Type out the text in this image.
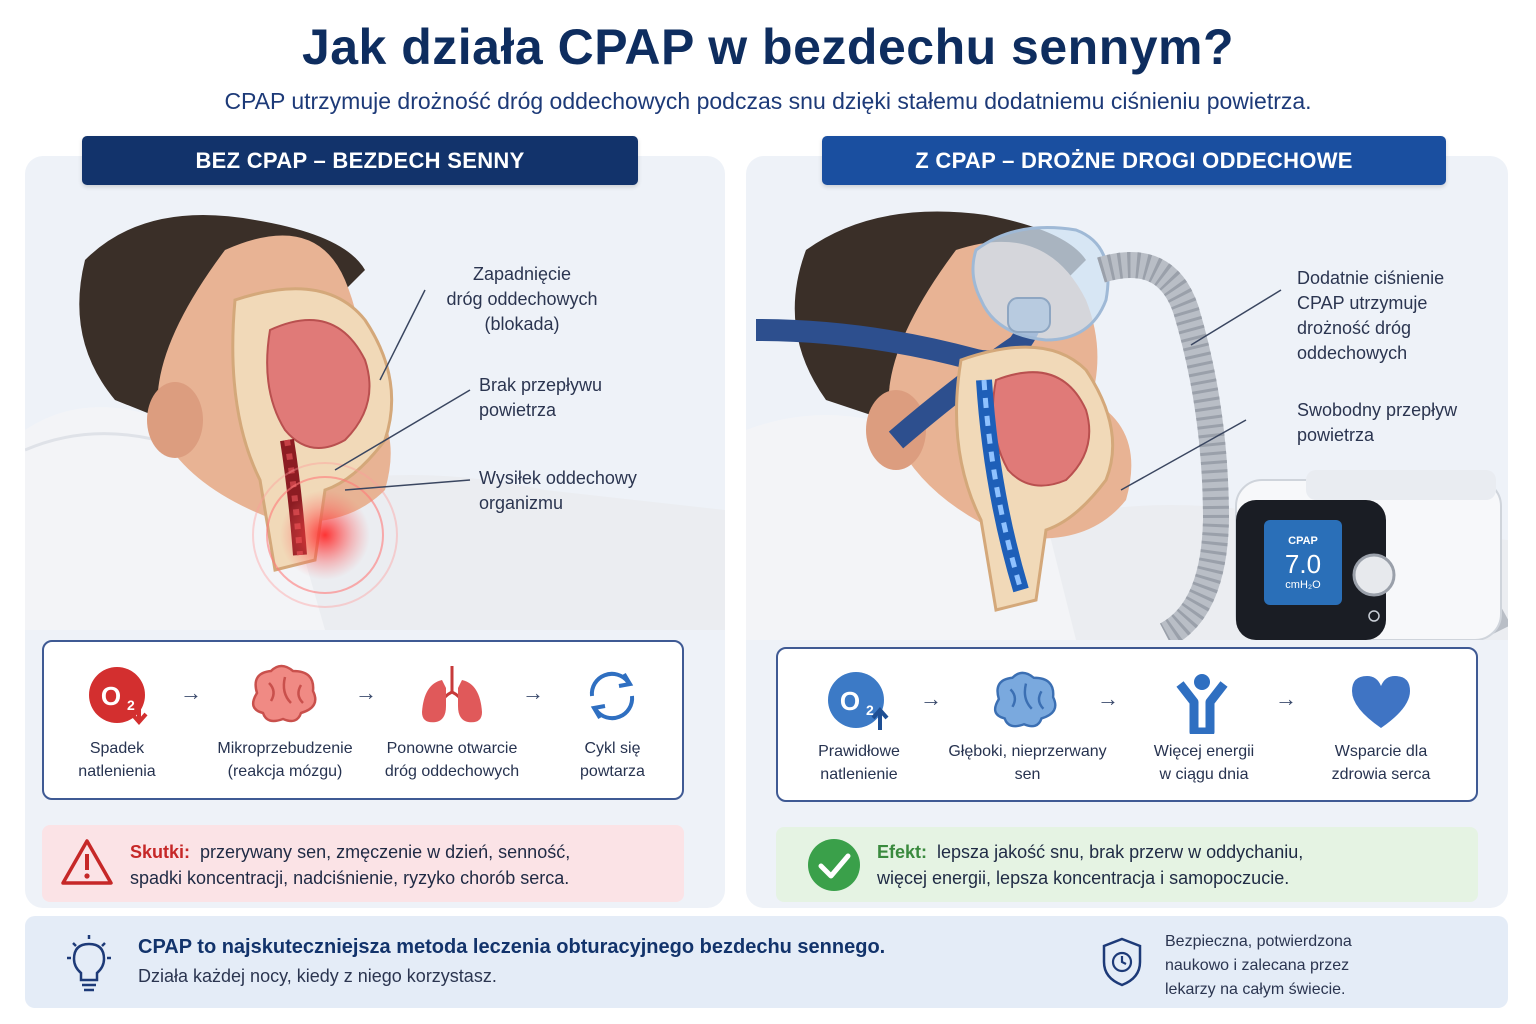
Jak działa CPAP w bezdechu sennym?
CPAP utrzymuje drożność dróg oddechowych podczas snu dzięki stałemu dodatniemu ciśnieniu powietrza.
BEZ CPAP – BEZDECH SENNY	Z CPAP – DROŻNE DROGI ODDECHOWE
Zapadnięcie
dróg oddechowych
(blokada)
Brak przepływu
powietrza
Wysiłek oddechowy
organizmu
CPAP
7.0
cmH₂O
Dodatnie ciśnienie
CPAP utrzymuje
drożność dróg
oddechowych
Swobodny przepływ
powietrza
O 2
Spadek
natlenienia
→
Mikroprzebudzenie
(reakcja mózgu)
→
Ponowne otwarcie
dróg oddechowych
→
Cykl się
powtarza
O 2
Prawidłowe
natlenienie
→
Głęboki, nieprzerwany
sen
→
Więcej energii
w ciągu dnia
→
Wsparcie dla
zdrowia serca
Skutki: przerywany sen, zmęczenie w dzień, senność,
spadki koncentracji, nadciśnienie, ryzyko chorób serca.
Efekt: lepsza jakość snu, brak przerw w oddychaniu,
więcej energii, lepsza koncentracja i samopoczucie.
CPAP to najskuteczniejsza metoda leczenia obturacyjnego bezdechu sennego.
Działa każdej nocy, kiedy z niego korzystasz.
Bezpieczna, potwierdzona
naukowo i zalecana przez
lekarzy na całym świecie.
